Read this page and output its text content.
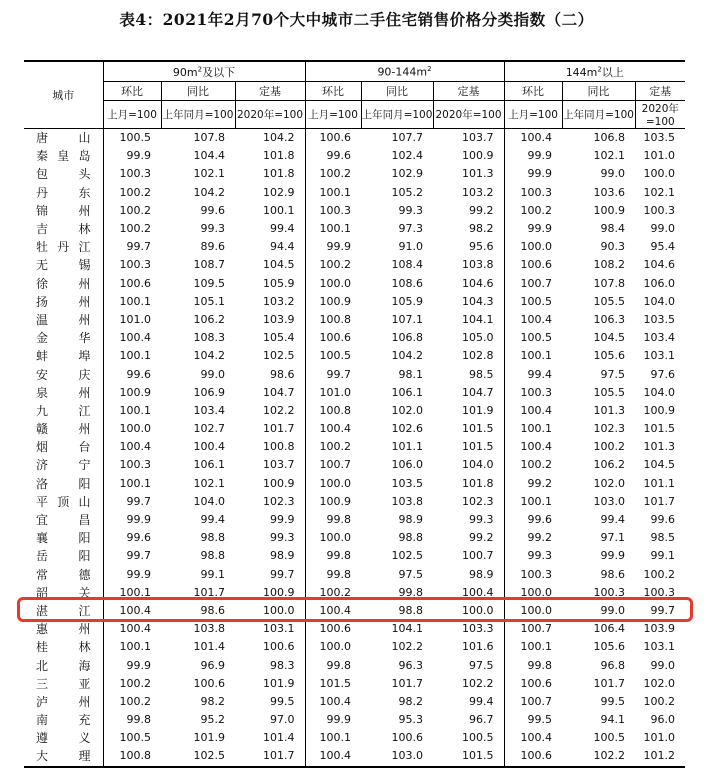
表4：2021年2月70个大中城市二手住宅销售价格分类指数（二）
城市	$90m^2$及以下			$90-144m^2$			$144m^2$以上		
	环比	同比	定基	环比	同比	定基	环比	同比	定基
	上月=100	上年同月=100	2020年=100	上月=100	上年同月=100	2020年=100	上月=100	上年同月=100	2020年=100
唐山	100.5	107.8	104.2	100.6	107.7	103.7	100.4	106.8	103.5
秦皇岛	99.9	104.4	101.8	99.6	102.4	100.9	99.9	102.1	101.0
包头	100.3	102.1	101.8	100.2	102.9	101.3	99.9	99.0	100.0
丹东	100.2	104.2	102.9	100.1	105.2	103.2	100.3	103.6	102.1
锦州	100.2	99.6	100.1	100.3	99.3	99.2	100.2	100.9	100.3
吉林	100.2	99.3	99.4	100.1	97.3	98.2	99.9	98.4	99.0
牡丹江	99.7	89.6	94.4	99.9	91.0	95.6	100.0	90.3	95.4
无锡	100.3	108.7	104.5	100.2	108.4	103.8	100.6	108.2	104.6
徐州	100.6	109.5	105.9	100.0	108.6	104.6	100.7	107.8	106.0
扬州	100.1	105.1	103.2	100.9	105.9	104.3	100.5	105.5	104.0
温州	101.0	106.2	103.9	100.8	107.1	104.1	100.4	106.3	103.5
金华	100.4	108.3	105.4	100.6	106.8	105.0	100.5	104.5	103.4
蚌埠	100.1	104.2	102.5	100.5	104.2	102.8	100.1	105.6	103.1
安庆	99.6	99.0	98.6	99.7	98.1	98.5	99.4	97.5	97.6
泉州	100.9	106.9	104.7	101.0	106.1	104.7	100.3	105.5	104.0
九江	100.1	103.4	102.2	100.8	102.0	101.9	100.4	101.3	100.9
赣州	100.0	102.7	101.7	100.4	102.6	101.5	100.1	102.3	101.5
烟台	100.4	100.4	100.8	100.2	101.1	101.5	100.4	100.2	101.3
济宁	100.3	106.1	103.7	100.7	106.0	104.0	100.2	106.2	104.5
洛阳	100.1	102.1	100.9	100.0	103.5	101.8	99.2	102.0	101.1
平顶山	99.7	104.0	102.3	100.9	103.8	102.3	100.1	103.0	101.7
宜昌	99.9	99.4	99.9	99.8	98.9	99.3	99.6	99.4	99.6
襄阳	99.6	98.8	99.3	100.0	98.8	99.2	99.2	97.1	98.5
岳阳	99.7	98.8	98.9	99.8	102.5	100.7	99.3	99.9	99.1
常德	99.9	99.1	99.7	99.8	97.5	98.9	100.3	98.6	100.2
韶关	100.1	101.7	100.9	100.2	99.8	100.4	100.0	100.3	100.3
湛江	100.4	98.6	100.0	100.4	98.8	100.0	100.0	99.0	99.7
惠州	100.4	103.8	103.1	100.6	104.1	103.3	100.7	106.4	103.9
桂林	100.1	101.4	100.6	100.0	102.2	101.6	100.1	105.6	103.1
北海	99.9	96.9	98.3	99.8	96.3	97.5	99.8	96.8	99.0
三亚	100.2	100.6	101.9	101.5	101.7	102.2	100.6	101.7	102.0
泸州	100.2	98.2	99.5	100.4	98.2	99.4	100.7	99.5	100.2
南充	99.8	95.2	97.0	99.9	95.3	96.7	99.5	94.1	96.0
遵义	100.5	101.9	101.4	100.1	100.6	100.5	100.4	100.5	101.0
大理	100.8	102.5	101.7	100.4	103.0	101.5	100.6	102.2	101.2
